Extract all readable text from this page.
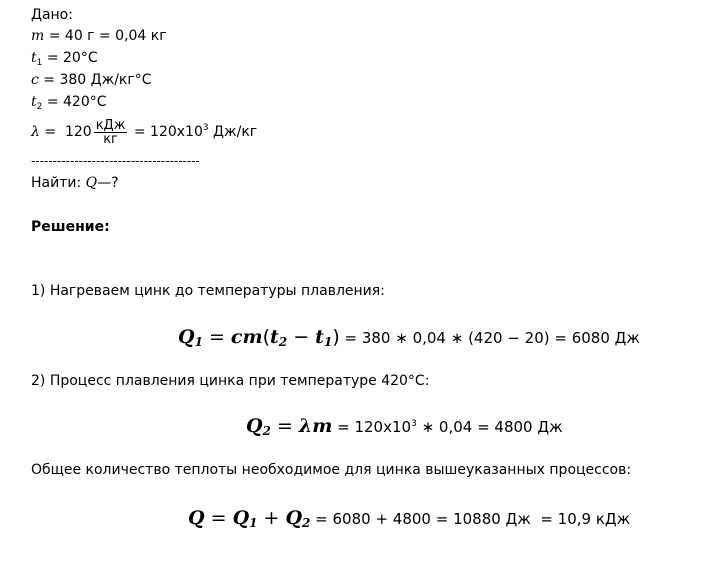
Дано:
m = 40 г = 0,04 кг
$t_1 = 20^\circ C$
c = 380 Дж/кг°С
$t_2 = 420^\circ C$
$\lambda = 120 \frac{\text{кДж}}{кг} = 120x10^3$ Дж/кг
---------------------------------------
Найти: Q—?
Решение:
1) Нагреваем цинк до температуры плавления:
$Q_1 = cm(t_2 - t_1) = 380$ ∗ 0,04 ∗ (420 − 20) = 6080 Дж
2) Процесс плавления цинка при температуре 420°С:
$Q_2 = \lambda m = 120x10^3$ ∗ 0,04 = 4800 Дж
Общее количество теплоты необходимое для цинка вышеуказанных процессов:
$Q = Q_1 + Q_2 = 6080 + 4800 = 10880$ Дж  = 10,9 кДж
